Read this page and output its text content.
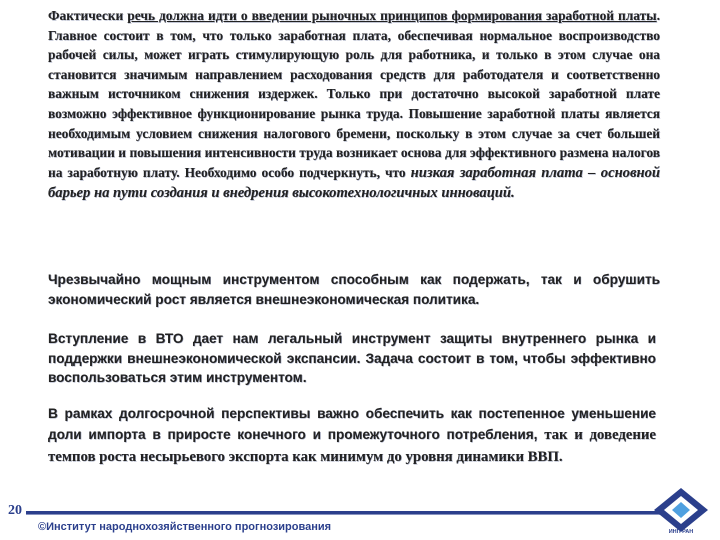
Фактически речь должна идти о введении рыночных принципов формирования заработной платы. Главное состоит в том, что только заработная плата, обеспечивая нормальное воспроизводство рабочей силы, может играть стимулирующую роль для работника, и только в этом случае она становится значимым направлением расходования средств для работодателя и соответственно важным источником снижения издержек. Только при достаточно высокой заработной плате возможно эффективное функционирование рынка труда. Повышение заработной платы является необходимым условием снижения налогового бремени, поскольку в этом случае за счет большей мотивации и повышения интенсивности труда возникает основа для эффективного размена налогов на заработную плату. Необходимо особо подчеркнуть, что низкая заработная плата – основной барьер на пути создания и внедрения высокотехнологичных инноваций.
Чрезвычайно мощным инструментом способным как подержать, так и обрушить экономический рост является внешнеэкономическая политика.
Вступление в ВТО дает нам легальный инструмент защиты внутреннего рынка и поддержки внешнеэкономической экспансии. Задача состоит в том, чтобы эффективно воспользоваться этим инструментом.
В рамках долгосрочной перспективы важно обеспечить как постепенное уменьшение доли импорта в приросте конечного и промежуточного потребления, так и доведение темпов роста несырьевого экспорта как минимум до уровня динамики ВВП.
20
©Институт народнохозяйственного прогнозирования	ИНП РАН
